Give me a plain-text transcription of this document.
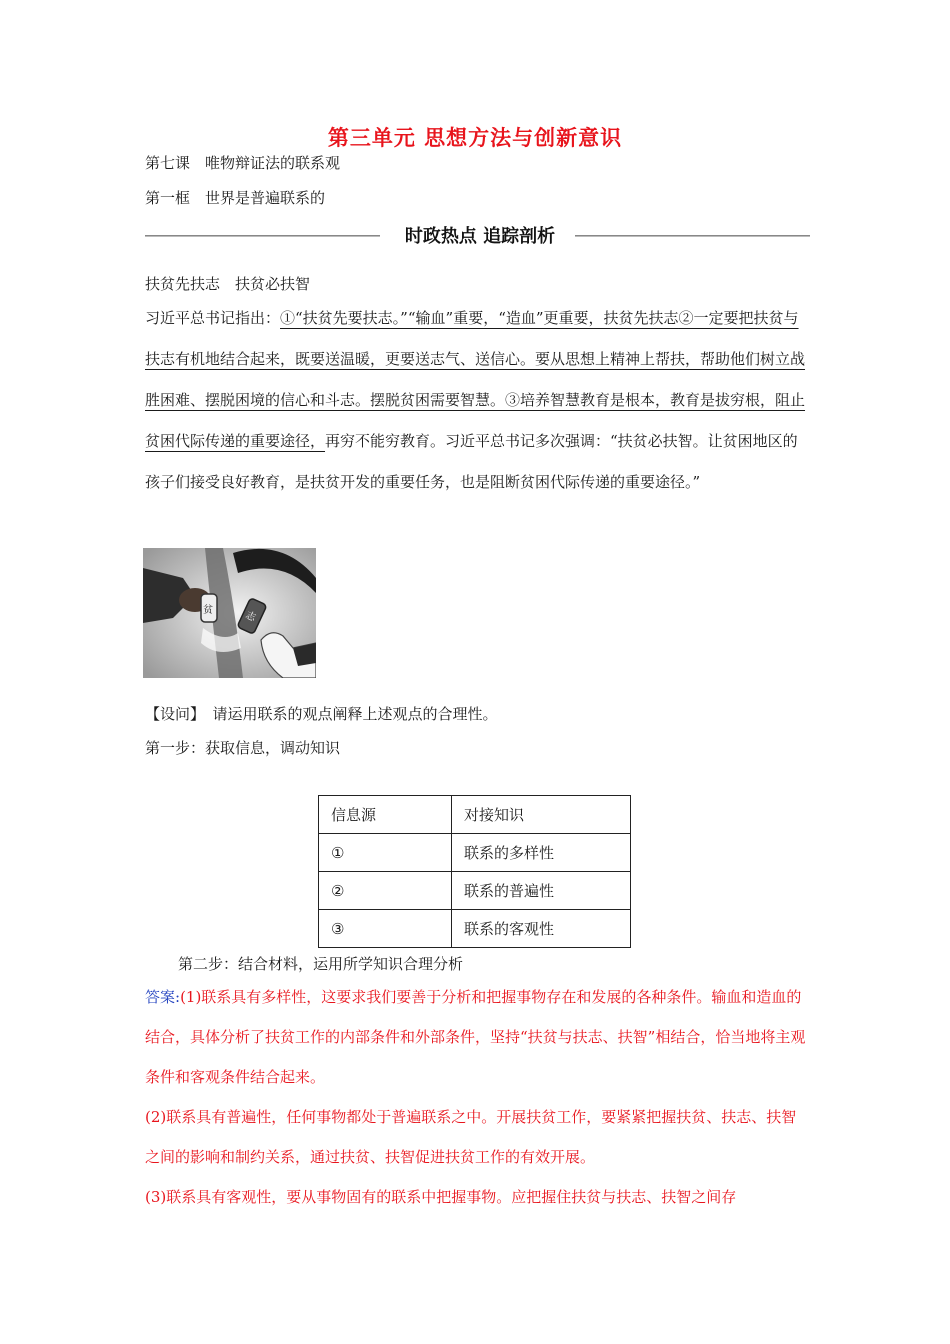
第三单元 思想方法与创新意识
第七课　唯物辩证法的联系观
第一框　世界是普遍联系的
时政热点 追踪剖析
扶贫先扶志　扶贫必扶智
习近平总书记指出：①“扶贫先要扶志。”“输血”重要，“造血”更重要，扶贫先扶志②一定要把扶贫与扶志有机地结合起来，既要送温暖，更要送志气、送信心。要从思想上精神上帮扶，帮助他们树立战胜困难、摆脱困境的信心和斗志。摆脱贫困需要智慧。③培养智慧教育是根本，教育是拔穷根，阻止贫困代际传递的重要途径，再穷不能穷教育。习近平总书记多次强调：“扶贫必扶智。让贫困地区的孩子们接受良好教育，是扶贫开发的重要任务，也是阻断贫困代际传递的重要途径。”
贫	志
【设问】　请运用联系的观点阐释上述观点的合理性。
第一步：获取信息，调动知识
信息源	对接知识
①	联系的多样性
②	联系的普遍性
③	联系的客观性
第二步：结合材料，运用所学知识合理分析
答案:(1)联系具有多样性，这要求我们要善于分析和把握事物存在和发展的各种条件。输血和造血的结合，具体分析了扶贫工作的内部条件和外部条件，坚持“扶贫与扶志、扶智”相结合，恰当地将主观条件和客观条件结合起来。
(2)联系具有普遍性，任何事物都处于普遍联系之中。开展扶贫工作，要紧紧把握扶贫、扶志、扶智之间的影响和制约关系，通过扶贫、扶智促进扶贫工作的有效开展。
(3)联系具有客观性，要从事物固有的联系中把握事物。应把握住扶贫与扶志、扶智之间存
